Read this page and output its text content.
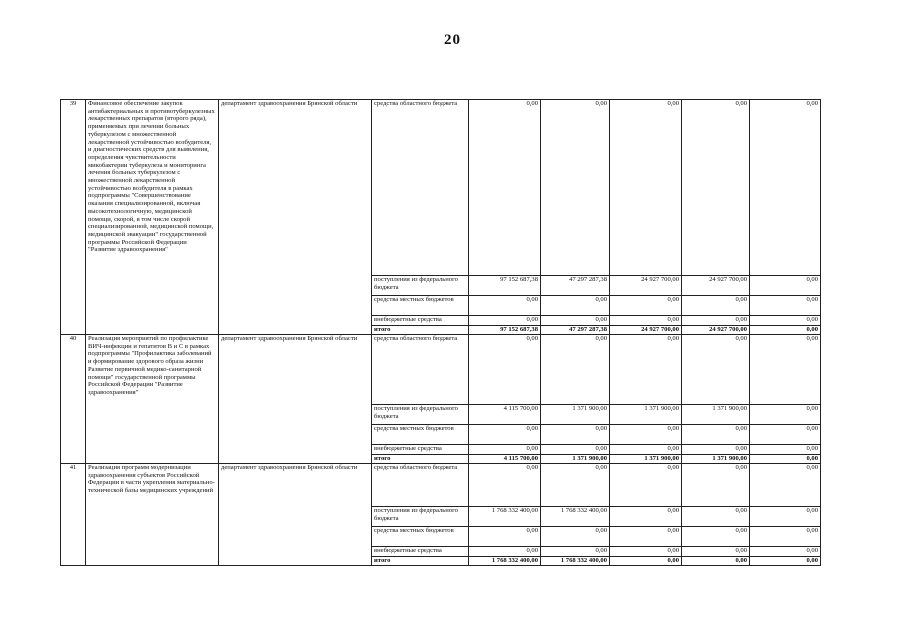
20
39	Финансовое обеспечение закупок антибактериальных и противотуберкулезных лекарственных препаратов (второго ряда), применяемых при лечении больных туберкулезом с множественной лекарственной устойчивостью возбудителя, и диагностических средств для выявления, определения чувствительности микобактерии туберкулеза и мониторинга лечения больных туберкулезом с множественной лекарственной устойчивостью возбудителя в рамках подпрограммы "Совершенствование оказания специализированной, включая высокотехнологичную, медицинской помощи, скорой, в том числе скорой специализированной, медицинской помощи, медицинской эвакуации" государственной программы Российской Федерации "Развитие здравоохранения"	департамент здравоохранения Брянской области	средства областного бюджета	0,00	0,00	0,00	0,00	0,00
			поступления из федерального бюджета	97 152 687,38	47 297 287,38	24 927 700,00	24 927 700,00	0,00
			средства местных бюджетов	0,00	0,00	0,00	0,00	0,00
			внебюджетные средства	0,00	0,00	0,00	0,00	0,00
			итого	97 152 687,38	47 297 287,38	24 927 700,00	24 927 700,00	0,00
40	Реализация мероприятий по профилактике ВИЧ-инфекции и гепатитов В и С в рамках подпрограммы "Профилактика заболеваний и формирование здорового образа жизни Развитие первичной медико-санитарной помощи" государственной программы Российской Федерации "Развитие здравоохранения"	департамент здравоохранения Брянской области	средства областного бюджета	0,00	0,00	0,00	0,00	0,00
			поступления из федерального бюджета	4 115 700,00	1 371 900,00	1 371 900,00	1 371 900,00	0,00
			средства местных бюджетов	0,00	0,00	0,00	0,00	0,00
			внебюджетные средства	0,00	0,00	0,00	0,00	0,00
			итого	4 115 700,00	1 371 900,00	1 371 900,00	1 371 900,00	0,00
41	Реализация программ модернизации здравоохранения субъектов Российской Федерации в части укрепления материально-технической базы медицинских учреждений	департамент здравоохранения Брянской области	средства областного бюджета	0,00	0,00	0,00	0,00	0,00
			поступления из федерального бюджета	1 768 332 400,00	1 768 332 400,00	0,00	0,00	0,00
			средства местных бюджетов	0,00	0,00	0,00	0,00	0,00
			внебюджетные средства	0,00	0,00	0,00	0,00	0,00
			итого	1 768 332 400,00	1 768 332 400,00	0,00	0,00	0,00
